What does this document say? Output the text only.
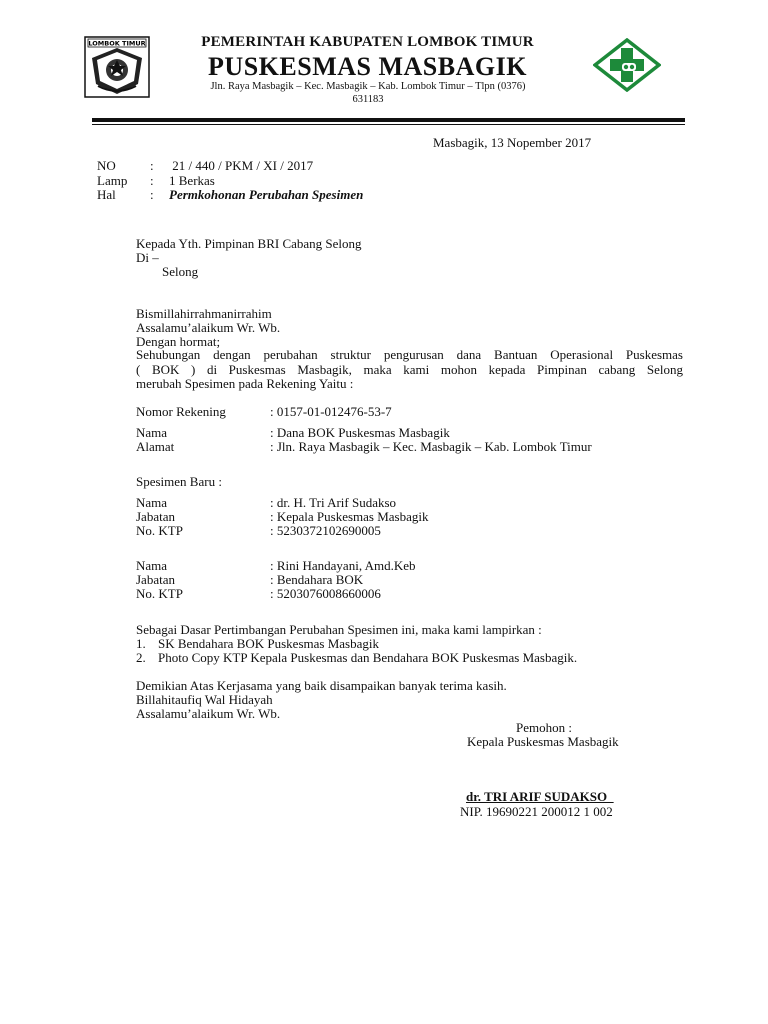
LOMBOK TIMUR	PEMERINTAH KABUPATEN LOMBOK TIMUR
PUSKESMAS MASBAGIK
Jln. Raya Masbagik – Kec. Masbagik – Kab. Lombok Timur – Tlpn (0376)
631183
Masbagik, 13 Nopember 2017
NO	: 21 / 440 / PKM / XI / 2017
Lamp : 1 Berkas
Hal	: Permkohonan Perubahan Spesimen
Kepada Yth. Pimpinan BRI Cabang Selong
Di –
Selong
Bismillahirrahmanirrahim
Assalamu’alaikum Wr. Wb.
Dengan hormat;
Sehubungan dengan perubahan struktur pengurusan dana Bantuan Operasional Puskesmas
( BOK ) di Puskesmas Masbagik, maka kami mohon kepada Pimpinan cabang Selong
merubah Spesimen pada Rekening Yaitu :
Nomor Rekening	: 0157-01-012476-53-7
Nama	: Dana BOK Puskesmas Masbagik
Alamat	: Jln. Raya Masbagik – Kec. Masbagik – Kab. Lombok Timur
Spesimen Baru :
Nama	: dr. H. Tri Arif Sudakso
Jabatan	: Kepala Puskesmas Masbagik
No. KTP	: 5230372102690005
Nama	: Rini Handayani, Amd.Keb
Jabatan	: Bendahara BOK
No. KTP	: 5203076008660006
Sebagai Dasar Pertimbangan Perubahan Spesimen ini, maka kami lampirkan :
1. SK Bendahara BOK Puskesmas Masbagik
2. Photo Copy KTP Kepala Puskesmas dan Bendahara BOK Puskesmas Masbagik.
Demikian Atas Kerjasama yang baik disampaikan banyak terima kasih.
Billahitaufiq Wal Hidayah
Assalamu’alaikum Wr. Wb.
Pemohon :
Kepala Puskesmas Masbagik
dr. TRI ARIF SUDAKSO
NIP. 19690221 200012 1 002
